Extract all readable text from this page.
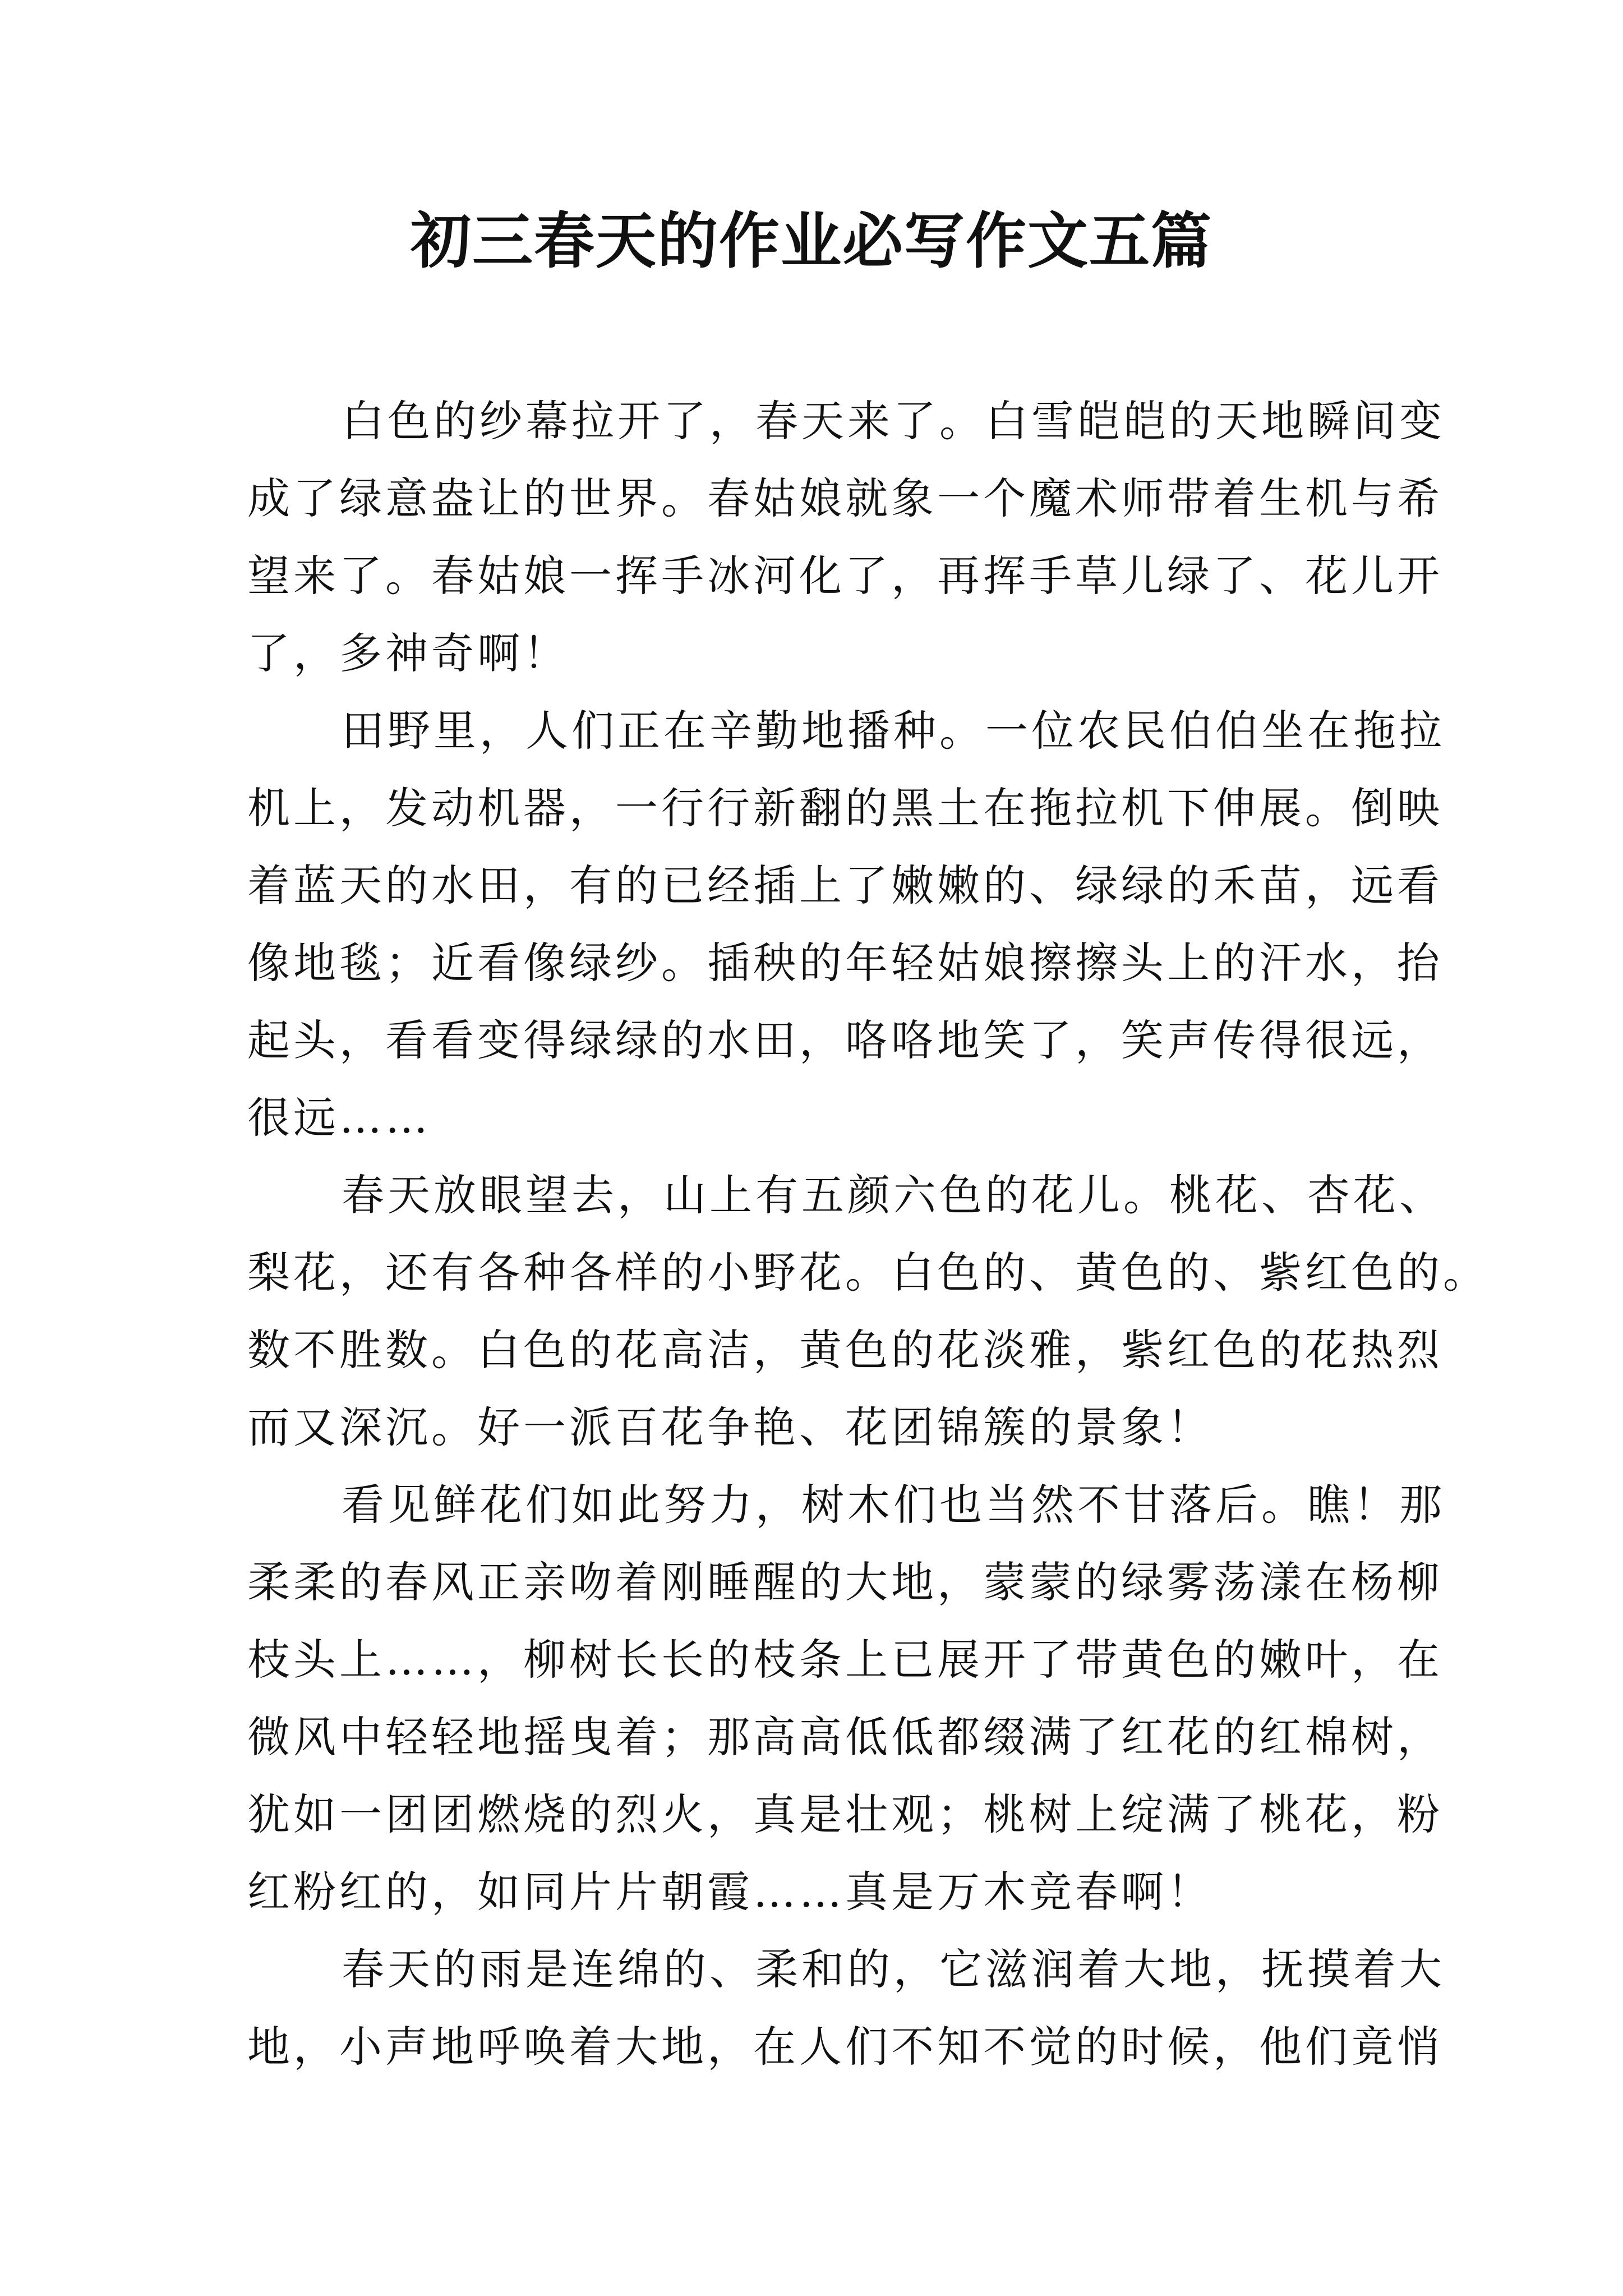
初三春天的作业必写作文五篇
白色的纱幕拉开了，春天来了。白雪皑皑的天地瞬间变
成了绿意盎让的世界。春姑娘就象一个魔术师带着生机与希
望来了。春姑娘一挥手冰河化了，再挥手草儿绿了、花儿开
了，多神奇啊！
田野里，人们正在辛勤地播种。一位农民伯伯坐在拖拉
机上，发动机器，一行行新翻的黑土在拖拉机下伸展。倒映
着蓝天的水田，有的已经插上了嫩嫩的、绿绿的禾苗，远看
像地毯；近看像绿纱。插秧的年轻姑娘擦擦头上的汗水，抬
起头，看看变得绿绿的水田，咯咯地笑了，笑声传得很远，
很远……
春天放眼望去，山上有五颜六色的花儿。桃花、杏花、
梨花，还有各种各样的小野花。白色的、黄色的、紫红色的。
数不胜数。白色的花高洁，黄色的花淡雅，紫红色的花热烈
而又深沉。好一派百花争艳、花团锦簇的景象！
看见鲜花们如此努力，树木们也当然不甘落后。瞧！那
柔柔的春风正亲吻着刚睡醒的大地，蒙蒙的绿雾荡漾在杨柳
枝头上……，柳树长长的枝条上已展开了带黄色的嫩叶，在
微风中轻轻地摇曳着；那高高低低都缀满了红花的红棉树，
犹如一团团燃烧的烈火，真是壮观；桃树上绽满了桃花，粉
红粉红的，如同片片朝霞……真是万木竞春啊！
春天的雨是连绵的、柔和的，它滋润着大地，抚摸着大
地，小声地呼唤着大地，在人们不知不觉的时候，他们竟悄
